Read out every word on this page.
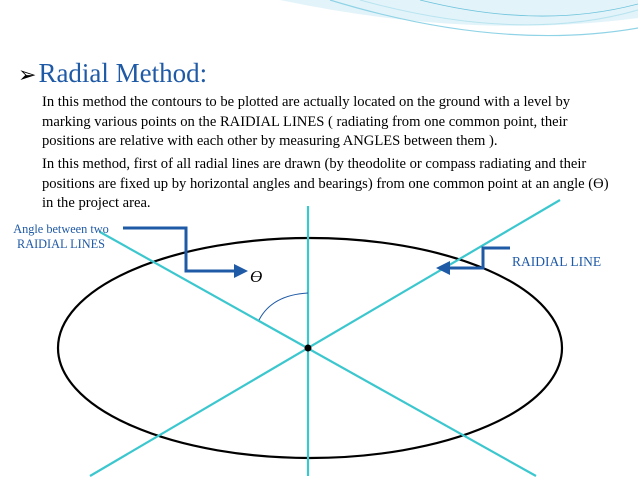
➢Radial Method:
In this method the contours to be plotted are actually located on the ground with a level by marking various points on the RAIDIAL LINES ( radiating from one common point, their positions are relative with each other by measuring ANGLES between them ).
In this method, first of all radial lines are drawn (by theodolite or compass radiating and their positions are fixed up by horizontal angles and bearings) from one common point at an angle (ϴ) in the project area.
ϴ
Angle between two RAIDIAL LINES
RAIDIAL LINE
